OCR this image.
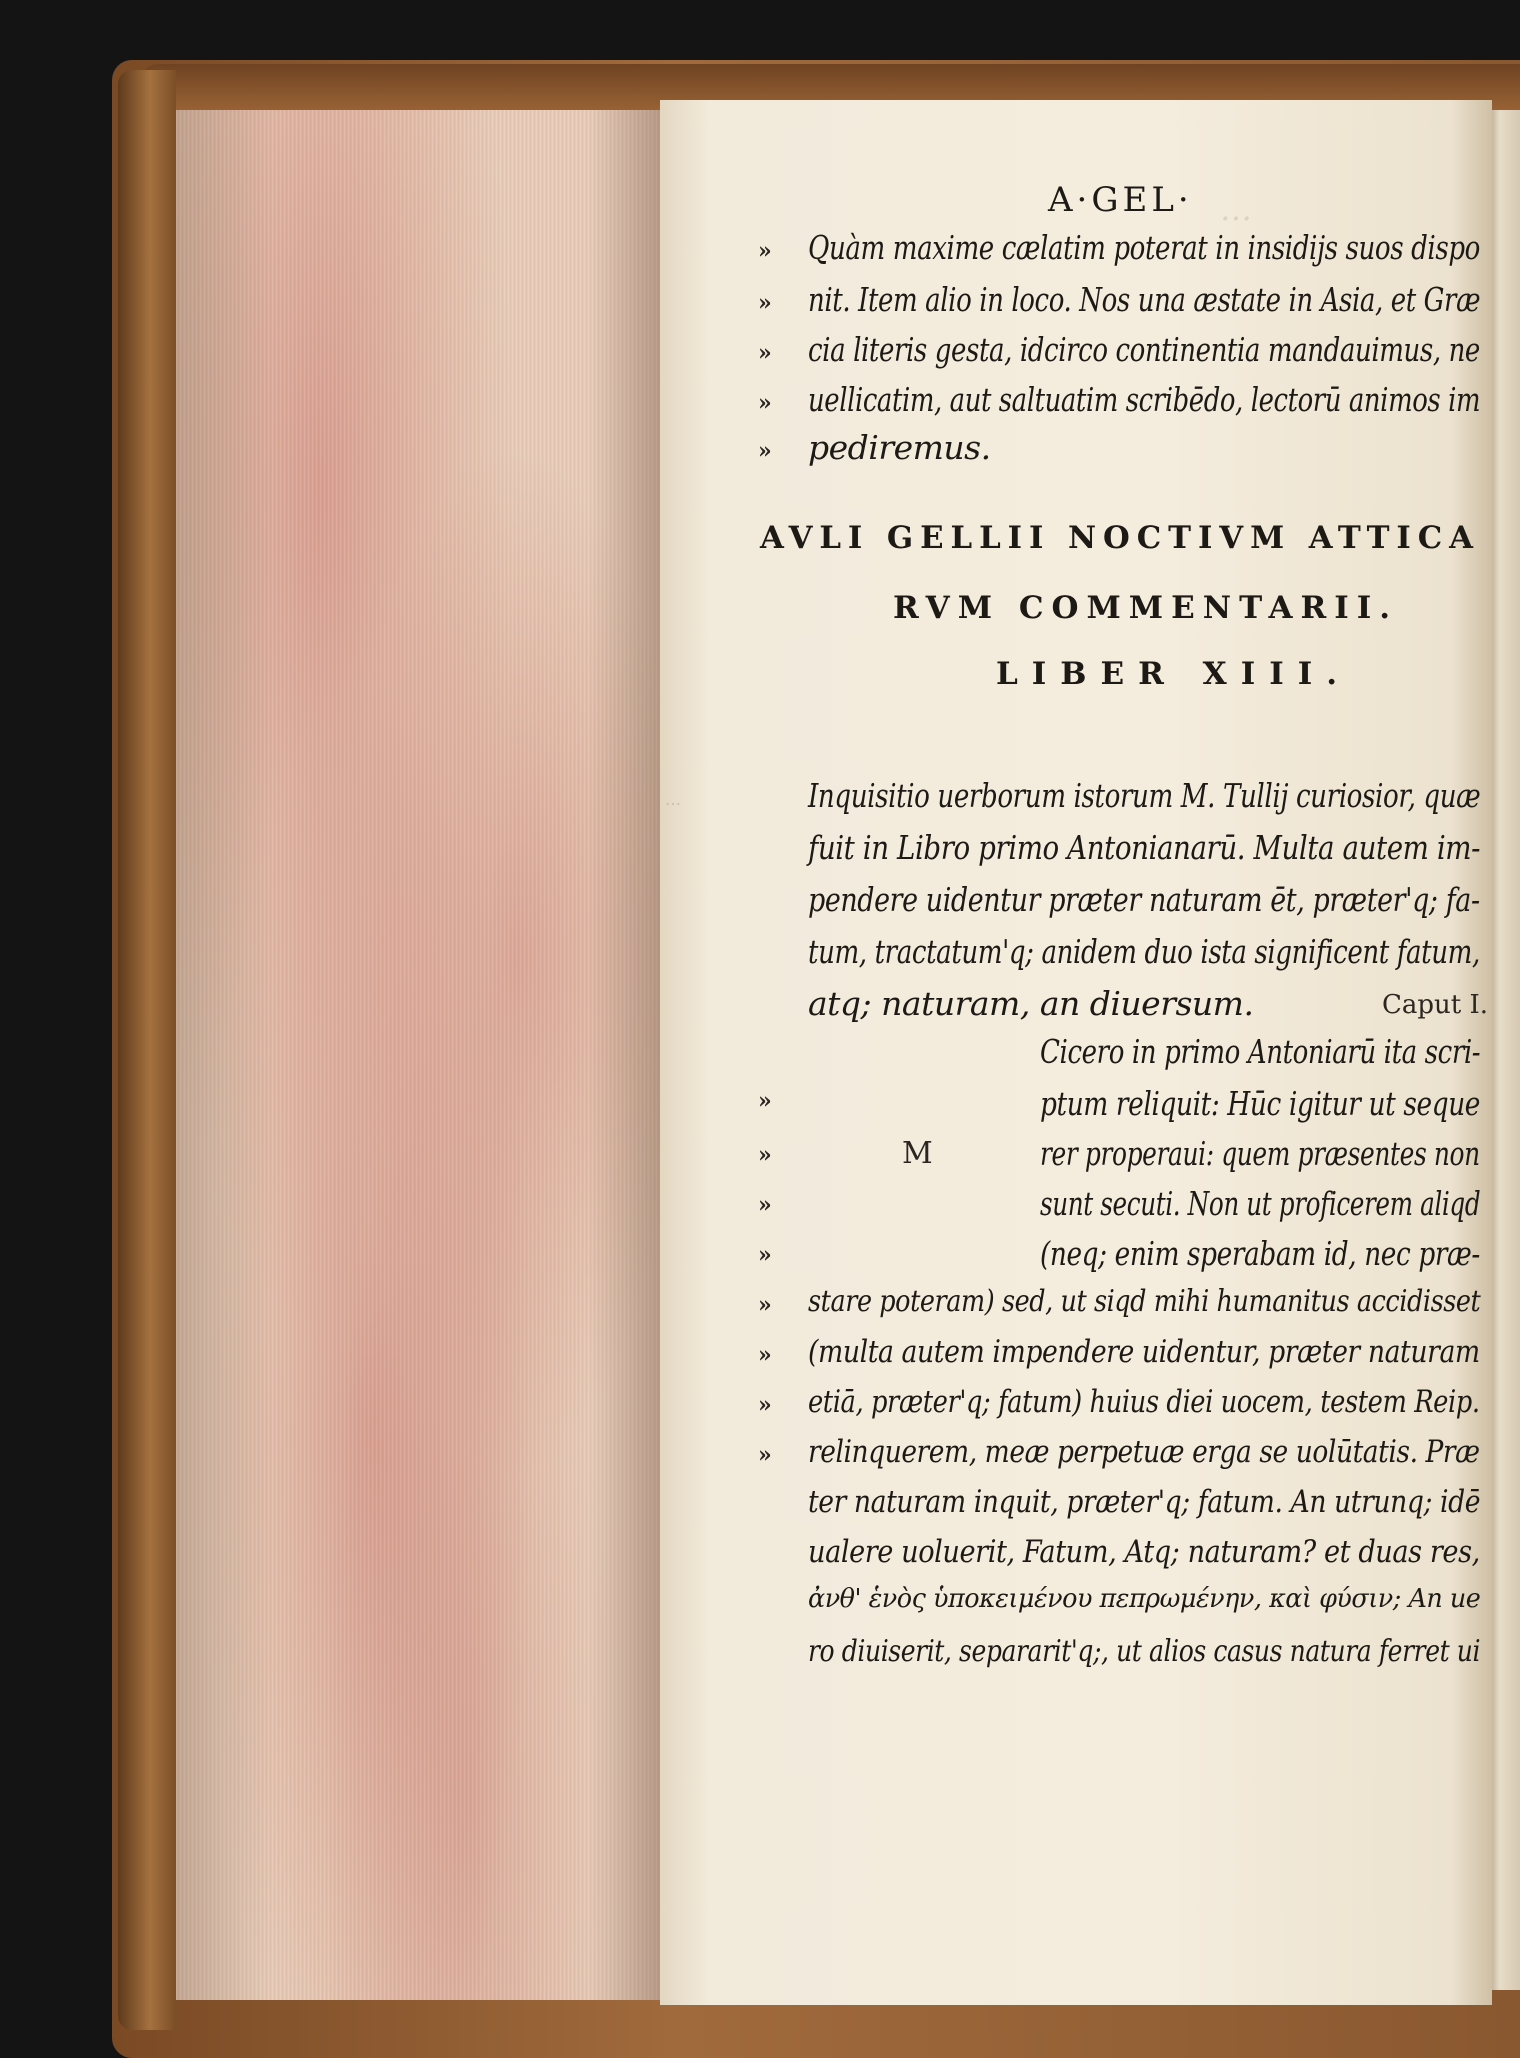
…
…
A·GEL·
»
»
»
»
»
Quàm maxime cælatim poterat in insidijs suos dispo
nit. Item alio in loco. Nos una æstate in Asia, et Græ
cia literis gesta, idcirco continentia mandauimus, ne
uellicatim, aut saltuatim scribēdo, lectorū animos im
pediremus.
AVLI GELLII NOCTIVM ATTICA
RVM COMMENTARII.
LIBER XIII.
Inquisitio uerborum istorum M. Tullij curiosior, quæ
fuit in Libro primo Antonianarū. Multa autem im-
pendere uidentur præter naturam ēt, præter'q; fa-
tum, tractatum'q; anidem duo ista significent fatum,
atq; naturam, an diuersum.	Caput I.
M
»
»
»
»
»
»
»
»
Cicero in primo Antoniarū ita scri-
ptum reliquit: Hūc igitur ut seque
rer properaui: quem præsentes non
sunt secuti. Non ut proficerem aliqd
(neq; enim sperabam id, nec præ-
stare poteram) sed, ut siqd mihi humanitus accidisset
(multa autem impendere uidentur, præter naturam
etiā, præter'q; fatum) huius diei uocem, testem Reip.
relinquerem, meæ perpetuæ erga se uolūtatis. Præ
ter naturam inquit, præter'q; fatum. An utrunq; idē
ualere uoluerit, Fatum, Atq; naturam? et duas res,
ἀνθ' ἑνὸς ὑποκειμένου πεπρωμένην, καὶ φύσιν; An ue
ro diuiserit, separarit'q;, ut alios casus natura ferret ui
